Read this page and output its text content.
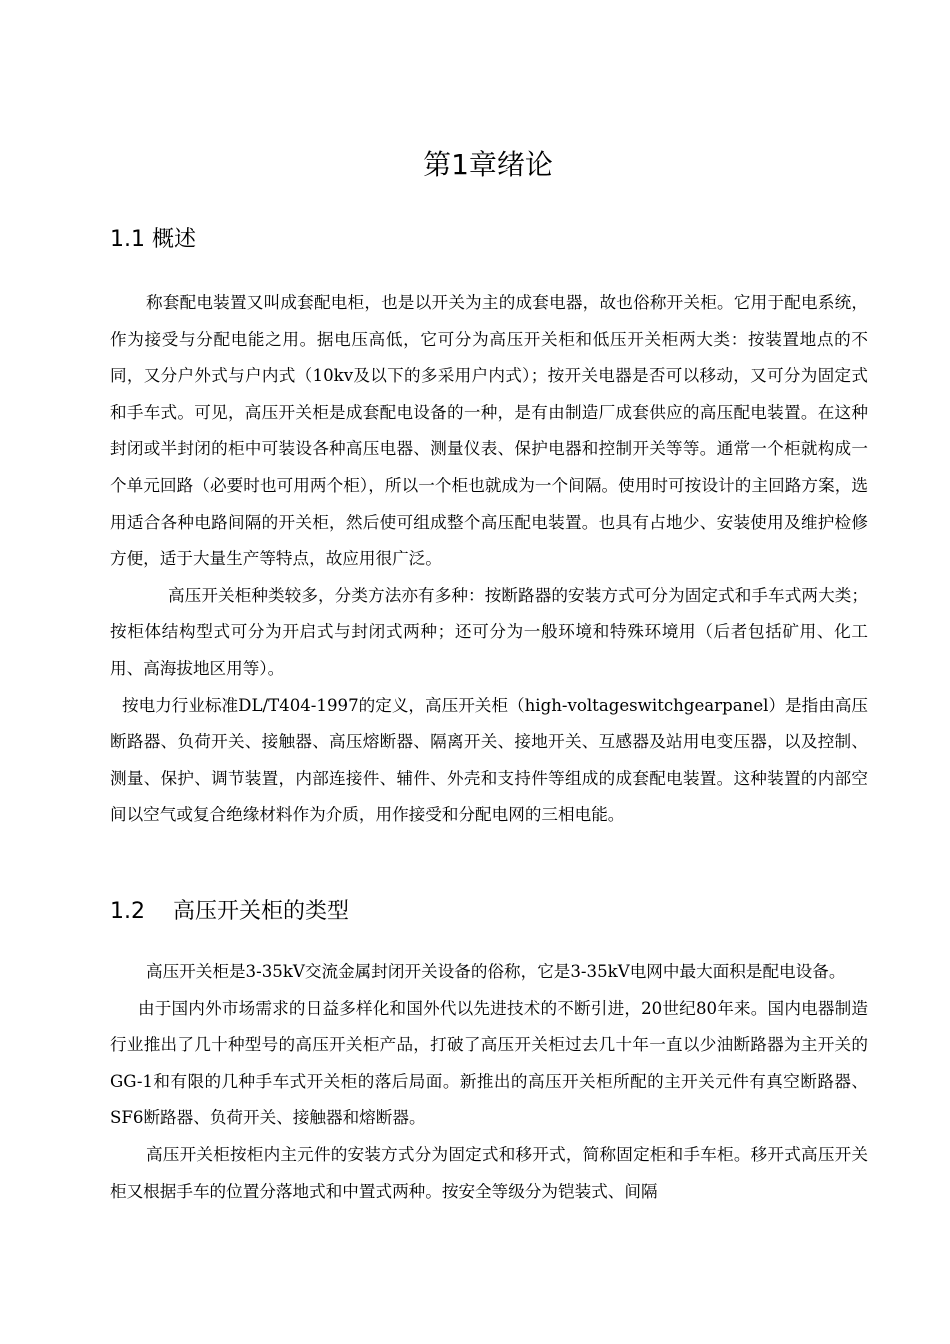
第1章绪论
1.1 概述

称套配电装置又叫成套配电柜，也是以开关为主的成套电器，故也俗称开关柜。它用于配电系统，作为接受与分配电能之用。据电压高低，它可分为高压开关柜和低压开关柜两大类：按装置地点的不同，又分户外式与户内式（10kv及以下的多采用户内式）；按开关电器是否可以移动，又可分为固定式和手车式。可见，高压开关柜是成套配电设备的一种，是有由制造厂成套供应的高压配电装置。在这种封闭或半封闭的柜中可装设各种高压电器、测量仪表、保护电器和控制开关等等。通常一个柜就构成一个单元回路（必要时也可用两个柜），所以一个柜也就成为一个间隔。使用时可按设计的主回路方案，选用适合各种电路间隔的开关柜，然后使可组成整个高压配电装置。也具有占地少、安装使用及维护检修方便，适于大量生产等特点，故应用很广泛。

高压开关柜种类较多，分类方法亦有多种：按断路器的安装方式可分为固定式和手车式两大类；按柜体结构型式可分为开启式与封闭式两种；还可分为一般环境和特殊环境用（后者包括矿用、化工用、高海拔地区用等）。

按电力行业标准DL/T404-1997的定义，高压开关柜（high-voltageswitchgearpanel）是指由高压断路器、负荷开关、接触器、高压熔断器、隔离开关、接地开关、互感器及站用电变压器，以及控制、测量、保护、调节装置，内部连接件、辅件、外壳和支持件等组成的成套配电装置。这种装置的内部空间以空气或复合绝缘材料作为介质，用作接受和分配电网的三相电能。

1.2    高压开关柜的类型

高压开关柜是3-35kV交流金属封闭开关设备的俗称，它是3-35kV电网中最大面积是配电设备。

由于国内外市场需求的日益多样化和国外代以先进技术的不断引进，20世纪80年来。国内电器制造行业推出了几十种型号的高压开关柜产品，打破了高压开关柜过去几十年一直以少油断路器为主开关的GG-1和有限的几种手车式开关柜的落后局面。新推出的高压开关柜所配的主开关元件有真空断路器、SF6断路器、负荷开关、接触器和熔断器。

高压开关柜按柜内主元件的安装方式分为固定式和移开式，简称固定柜和手车柜。移开式高压开关柜又根据手车的位置分落地式和中置式两种。按安全等级分为铠装式、间隔
